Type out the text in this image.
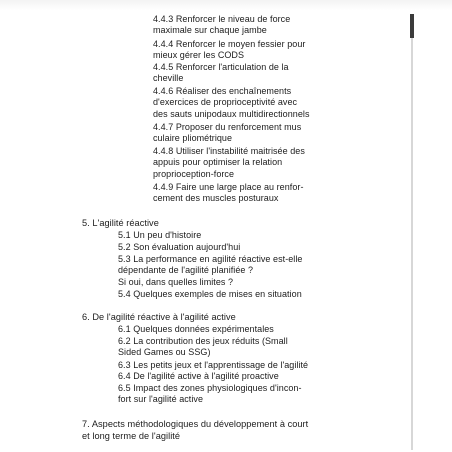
4.4.3 Renforcer le niveau de force
maximale sur chaque jambe
4.4.4 Renforcer le moyen fessier pour
mieux gérer les CODS
4.4.5 Renforcer l'articulation de la
cheville
4.4.6 Réaliser des enchaînements
d'exercices de proprioceptivité avec
des sauts unipodaux multidirectionnels
4.4.7 Proposer du renforcement mus
culaire pliométrique
4.4.8 Utiliser l'instabilité maitrisée des
appuis pour optimiser la relation
proprioception-force
4.4.9 Faire une large place au renfor-
cement des muscles posturaux
5. L'agilité réactive
5.1 Un peu d'histoire
5.2 Son évaluation aujourd'hui
5.3 La performance en agilité réactive est-elle
dépendante de l'agilité planifiée ?
Si oui, dans quelles limites ?
5.4 Quelques exemples de mises en situation
6. De l'agilité réactive à l'agilité active
6.1 Quelques données expérimentales
6.2 La contribution des jeux réduits (Small
Sided Games ou SSG)
6.3 Les petits jeux et l'apprentissage de l'agilité
6.4 De l'agilité active à l'agilité proactive
6.5 Impact des zones physiologiques d'incon-
fort sur l'agilité active
7. Aspects méthodologiques du développement à court
et long terme de l'agilité
